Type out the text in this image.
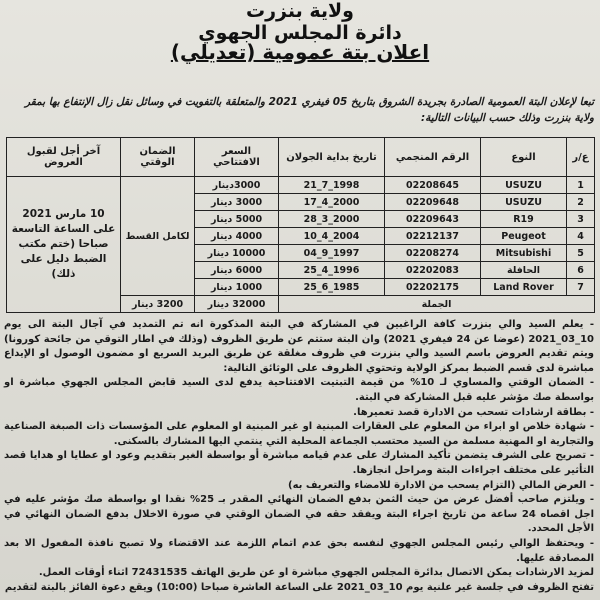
ولاية بنزرت
دائرة المجلس الجهوي
اعلان بتة عمومية (تعديلي)
تبعا لإعلان البتة العمومية الصادرة بجريدة الشروق بتاريخ 05 فيفري 2021 والمتعلقة بالتفويت في وسائل نقل زال الإنتفاع بها بمقر ولاية بنزرت وذلك حسب البيانات التالية:
ع/ر	النوع	الرقم المنجمي	تاريخ بداية الجولان	السعر الافتتاحي	الضمان الوقتي	آخر أجل لقبول العروض
1	USUZU	02208645	21_7_1998	3000دينار	لكامل القسط	10 مارس 2021 على الساعة التاسعة صباحا (ختم مكتب الضبط دليل على ذلك)
2	USUZU	02209648	17_4_2000	3000 دينار		
3	R19	02209643	28_3_2000	5000 دينار		
4	Peugeot	02212137	10_4_2004	4000 دينار		
5	Mitsubishi	02208274	04_9_1997	10000 دينار		
6	الحافلة	02202083	25_4_1996	6000 دينار		
7	Land Rover	02202175	25_6_1985	1000 دينار		
الجملة				32000 دينار	3200 دينار	
- يعلم السيد والي بنزرت كافة الراغبين في المشاركة في البتة المذكورة انه تم التمديد في آجال البتة الى يوم 10_03_2021 (عوضا عن 24 فيفري 2021) وان البتة ستتم عن طريق الظروف (وذلك في اطار التوقي من جائحة كورونا) ويتم تقديم العروض باسم السيد والي بنزرت في ظروف مغلقة عن طريق البريد السريع او مضمون الوصول او الإيداع مباشرة لدى قسم الضبط بمركز الولاية وتحتوي الظروف على الوثائق التالية:
- الضمان الوقتي والمساوي لـ 10% من قيمة التبتيت الافتتاحية يدفع لدى السيد قابض المجلس الجهوي مباشرة او بواسطة صك مؤشر عليه قبل المشاركة في البتة.
- بطاقة ارشادات تسحب من الادارة قصد تعميرها.
- شهادة خلاص او ابراء من المعلوم على العقارات المبنية او غير المبنية او المعلوم على المؤسسات ذات الصبغة الصناعية والتجارية او المهنية مسلمة من السيد محتسب الجماعة المحلية التي ينتمي اليها المشارك بالسكنى.
- تصريح على الشرف يتضمن تأكيد المشارك على عدم قيامه مباشرة أو بواسطة الغير بتقديم وعود او عطايا او هدايا قصد التأثير على مختلف اجراءات البتة ومراحل انجازها.
- العرض المالي (التزام يسحب من الادارة للامضاء والتعريف به)
- ويلتزم صاحب أفضل عرض من حيث الثمن بدفع الضمان النهائي المقدر بـ 25% نقدا او بواسطة صك مؤشر عليه في اجل اقصاه 24 ساعة من تاريخ اجراء البتة ويفقد حقه في الضمان الوقتي في صورة الاخلال بدفع الضمان النهائي في الأجل المحدد.
- ويحتفظ الوالي رئيس المجلس الجهوي لنفسه بحق عدم اتمام اللزمة عند الاقتضاء ولا تصبح نافذة المفعول الا بعد المصادقة عليها.
لمزيد الارشادات يمكن الاتصال بدائرة المجلس الجهوي مباشرة او عن طريق الهاتف 72431535 اثناء أوقات العمل.
تفتح الظروف في جلسة غير علنية يوم 10_03_2021 على الساعة العاشرة صباحا (10:00) ويقع دعوة الفائز بالبتة لتقديم
